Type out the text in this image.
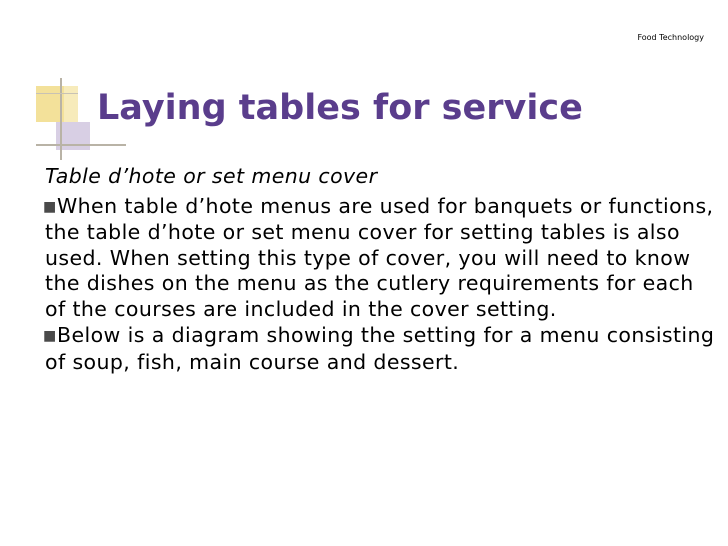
Food Technology
Laying tables for service
Table d’hote or set menu cover
■When table d’hote menus are used for banquets or functions, the table d’hote or set menu cover for setting tables is also used. When setting this type of cover, you will need to know the dishes on the menu as the cutlery requirements for each of the courses are included in the cover setting.
■Below is a diagram showing the setting for a menu consisting of soup, fish, main course and dessert.
